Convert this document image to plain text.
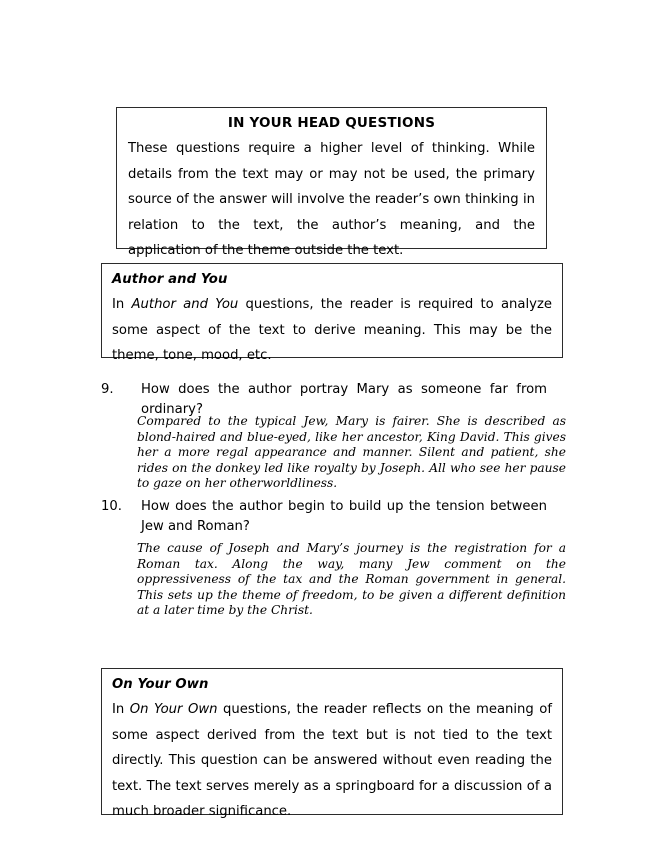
IN YOUR HEAD QUESTIONS

These questions require a higher level of thinking. While details from the text may or may not be used, the primary source of the answer will involve the reader’s own thinking in relation to the text, the author’s meaning, and the application of the theme outside the text.

Author and You

In Author and You questions, the reader is required to analyze some aspect of the text to derive meaning. This may be the theme, tone, mood, etc.

9. How does the author portray Mary as someone far from ordinary?
Compared to the typical Jew, Mary is fairer. She is described as blond-haired and blue-eyed, like her ancestor, King David. This gives her a more regal appearance and manner. Silent and patient, she rides on the donkey led like royalty by Joseph. All who see her pause to gaze on her otherworldliness.
10. How does the author begin to build up the tension between Jew and Roman?
The cause of Joseph and Mary’s journey is the registration for a Roman tax. Along the way, many Jew comment on the oppressiveness of the tax and the Roman government in general. This sets up the theme of freedom, to be given a different definition at a later time by the Christ.
On Your Own

In On Your Own questions, the reader reflects on the meaning of some aspect derived from the text but is not tied to the text directly. This question can be answered without even reading the text. The text serves merely as a springboard for a discussion of a much broader significance.
